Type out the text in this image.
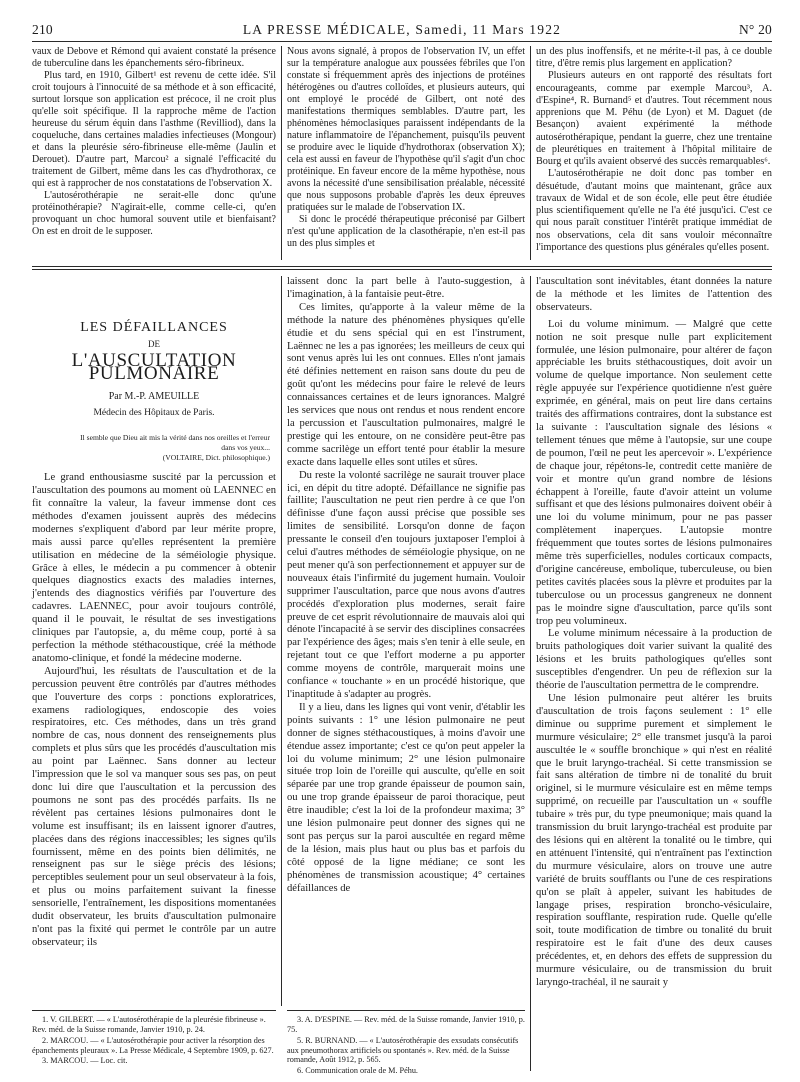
210	LA PRESSE MÉDICALE, Samedi, 11 Mars 1922	N° 20

vaux de Debove et Rémond qui avaient constaté la présence de tuberculine dans les épanchements séro-fibrineux.

Plus tard, en 1910, Gilbert¹ est revenu de cette idée. S'il croit toujours à l'innocuité de sa méthode et à son efficacité, surtout lorsque son application est précoce, il ne croit plus qu'elle soit spécifique. Il la rapproche même de l'action heureuse du sérum équin dans l'asthme (Revilliod), dans la coqueluche, dans certaines maladies infectieuses (Mongour) et dans la pleurésie séro-fibrineuse elle-même (Jaulin et Derouet). D'autre part, Marcou² a signalé l'efficacité du traitement de Gilbert, même dans les cas d'hydrothorax, ce qui est à rapprocher de nos constatations de l'observation X.

L'autosérothérapie ne serait-elle donc qu'une protéinothérapie? N'agirait-elle, comme celle-ci, qu'en provoquant un choc humoral souvent utile et bienfaisant? On est en droit de le supposer.

Nous avons signalé, à propos de l'observation IV, un effet sur la température analogue aux poussées fébriles que l'on constate si fréquemment après des injections de protéines hétérogènes ou d'autres colloïdes, et plusieurs auteurs, qui ont employé le procédé de Gilbert, ont noté des manifestations thermiques semblables. D'autre part, les phénomènes hémoclasiques paraissent indépendants de la nature inflammatoire de l'épanchement, puisqu'ils peuvent se produire avec le liquide d'hydrothorax (observation X); cela est aussi en faveur de l'hypothèse qu'il s'agit d'un choc protéinique. En faveur encore de la même hypothèse, nous avons la nécessité d'une sensibilisation préalable, nécessité que nous supposons probable d'après les deux épreuves pratiquées sur le malade de l'observation IX.

Si donc le procédé thérapeutique préconisé par Gilbert n'est qu'une application de la clasothérapie, n'en est-il pas un des plus simples et

un des plus inoffensifs, et ne mérite-t-il pas, à ce double titre, d'être remis plus largement en application?

Plusieurs auteurs en ont rapporté des résultats fort encourageants, comme par exemple Marcou³, A. d'Espine⁴, R. Burnand⁵ et d'autres. Tout récemment nous apprenions que M. Péhu (de Lyon) et M. Daguet (de Besançon) avaient expérimenté la méthode autosérothérapique, pendant la guerre, chez une trentaine de pleurétiques en traitement à l'hôpital militaire de Bourg et qu'ils avaient observé des succès remarquables⁶.

L'autosérothérapie ne doit donc pas tomber en désuétude, d'autant moins que maintenant, grâce aux travaux de Widal et de son école, elle peut être étudiée plus scientifiquement qu'elle ne l'a été jusqu'ici. C'est ce qui nous paraît constituer l'intérêt pratique immédiat de nos observations, cela dit sans vouloir méconnaître l'importance des questions plus générales qu'elles posent.

LES DÉFAILLANCES
DE
L'AUSCULTATION PULMONAIRE
Par M.-P. AMEUILLE
Médecin des Hôpitaux de Paris.
Il semble que Dieu ait mis la vérité dans nos oreilles et l'erreur dans vos yeux...
(VOLTAIRE, Dict. philosophique.)

Le grand enthousiasme suscité par la percussion et l'auscultation des poumons au moment où LAENNEC en fit connaître la valeur, la faveur immense dont ces méthodes d'examen jouissent auprès des médecins modernes s'expliquent d'abord par leur mérite propre, mais aussi parce qu'elles représentent la première utilisation en médecine de la séméiologie physique. Grâce à elles, le médecin a pu commencer à obtenir quelques diagnostics exacts des maladies internes, j'entends des diagnostics vérifiés par l'ouverture des cadavres. LAENNEC, pour avoir toujours contrôlé, quand il le pouvait, le résultat de ses investigations cliniques par l'autopsie, a, du même coup, porté à sa perfection la méthode stéthacoustique, créé la méthode anatomo-clinique, et fondé la médecine moderne.

Aujourd'hui, les résultats de l'auscultation et de la percussion peuvent être contrôlés par d'autres méthodes que l'ouverture des corps : ponctions exploratrices, examens radiologiques, endoscopie des voies respiratoires, etc. Ces méthodes, dans un très grand nombre de cas, nous donnent des renseignements plus complets et plus sûrs que les procédés d'auscultation mis au point par Laënnec. Sans donner au lecteur l'impression que le sol va manquer sous ses pas, on peut donc lui dire que l'auscultation et la percussion des poumons ne sont pas des procédés parfaits. Ils ne révèlent pas certaines lésions pulmonaires dont le volume est insuffisant; ils en laissent ignorer d'autres, placées dans des régions inaccessibles; les signes qu'ils fournissent, même en des points bien délimités, ne renseignent pas sur le siège précis des lésions; perceptibles seulement pour un seul observateur à la fois, et plus ou moins parfaitement suivant la finesse sensorielle, l'entraînement, les dispositions momentanées dudit observateur, les bruits d'auscultation pulmonaire n'ont pas la fixité qui permet le contrôle par un autre observateur; ils

laissent donc la part belle à l'auto-suggestion, à l'imagination, à la fantaisie peut-être.

Ces limites, qu'apporte à la valeur même de la méthode la nature des phénomènes physiques qu'elle étudie et du sens spécial qui en est l'instrument, Laënnec ne les a pas ignorées; les meilleurs de ceux qui sont venus après lui les ont connues. Elles n'ont jamais été définies nettement en raison sans doute du peu de goût qu'ont les médecins pour faire le relevé de leurs connaissances certaines et de leurs ignorances. Malgré les services que nous ont rendus et nous rendent encore la percussion et l'auscultation pulmonaires, malgré le prestige qui les entoure, on ne considère peut-être pas comme sacrilège un effort tenté pour établir la mesure exacte dans laquelle elles sont utiles et sûres.

Du reste la volonté sacrilège ne saurait trouver place ici, en dépit du titre adopté. Défaillance ne signifie pas faillite; l'auscultation ne peut rien perdre à ce que l'on définisse d'une façon aussi précise que possible ses limites de sensibilité. Lorsqu'on donne de façon pressante le conseil d'en toujours juxtaposer l'emploi à celui d'autres méthodes de séméiologie physique, on ne peut mener qu'à son perfectionnement et appuyer sur de nouveaux étais l'infirmité du jugement humain. Vouloir supprimer l'auscultation, parce que nous avons d'autres procédés d'exploration plus modernes, serait faire preuve de cet esprit révolutionnaire de mauvais aloi qui dénote l'incapacité à se servir des disciplines consacrées par l'expérience des âges; mais s'en tenir à elle seule, en rejetant tout ce que l'effort moderne a pu apporter comme moyens de contrôle, marquerait moins une confiance « touchante » en un procédé historique, que l'inaptitude à s'adapter au progrès.

Il y a lieu, dans les lignes qui vont venir, d'établir les points suivants : 1° une lésion pulmonaire ne peut donner de signes stéthacoustiques, à moins d'avoir une étendue assez importante; c'est ce qu'on peut appeler la loi du volume minimum; 2° une lésion pulmonaire située trop loin de l'oreille qui ausculte, qu'elle en soit séparée par une trop grande épaisseur de poumon sain, ou une trop grande épaisseur de paroi thoracique, peut être inaudible; c'est la loi de la profondeur maxima; 3° une lésion pulmonaire peut donner des signes qui ne sont pas perçus sur la paroi auscultée en regard même de la lésion, mais plus haut ou plus bas et parfois du côté opposé de la ligne médiane; ce sont les phénomènes de transmission acoustique; 4° certaines défaillances de

l'auscultation sont inévitables, étant données la nature de la méthode et les limites de l'attention des observateurs.

Loi du volume minimum. — Malgré que cette notion ne soit presque nulle part explicitement formulée, une lésion pulmonaire, pour altérer de façon appréciable les bruits stéthacoustiques, doit avoir un volume de quelque importance. Non seulement cette règle appuyée sur l'expérience quotidienne n'est guère exprimée, en général, mais on peut lire dans certains traités des affirmations contraires, dont la substance est la suivante : l'auscultation signale des lésions « tellement ténues que même à l'autopsie, sur une coupe de poumon, l'œil ne peut les apercevoir ». L'expérience de chaque jour, répétons-le, contredit cette manière de voir et montre qu'un grand nombre de lésions échappent à l'oreille, faute d'avoir atteint un volume suffisant et que des lésions pulmonaires doivent obéir à une loi du volume minimum, pour ne pas passer complètement inaperçues. L'autopsie montre fréquemment que toutes sortes de lésions pulmonaires même très superficielles, nodules corticaux compacts, d'origine cancéreuse, embolique, tuberculeuse, ou bien petites cavités placées sous la plèvre et produites par la tuberculose ou un processus gangreneux ne donnent pas le moindre signe d'auscultation, parce qu'ils sont trop peu volumineux.

Le volume minimum nécessaire à la production de bruits pathologiques doit varier suivant la qualité des lésions et les bruits pathologiques qu'elles sont susceptibles d'engendrer. Un peu de réflexion sur la théorie de l'auscultation permettra de le comprendre.

Une lésion pulmonaire peut altérer les bruits d'auscultation de trois façons seulement : 1° elle diminue ou supprime purement et simplement le murmure vésiculaire; 2° elle transmet jusqu'à la paroi auscultée le « souffle bronchique » qui n'est en réalité que le bruit laryngo-trachéal. Si cette transmission se fait sans altération de timbre ni de tonalité du bruit originel, si le murmure vésiculaire est en même temps supprimé, on recueille par l'auscultation un « souffle tubaire » très pur, du type pneumonique; mais quand la transmission du bruit laryngo-trachéal est produite par des lésions qui en altèrent la tonalité ou le timbre, qui en atténuent l'intensité, qui n'entraînent pas l'extinction du murmure vésiculaire, alors on trouve une autre variété de bruits soufflants ou l'une de ces respirations qu'on se plaît à appeler, suivant les habitudes de langage prises, respiration broncho-vésiculaire, respiration soufflante, respiration rude. Quelle qu'elle soit, toute modification de timbre ou tonalité du bruit respiratoire est le fait d'une des deux causes précédentes, et, en dehors des effets de suppression du murmure vésiculaire, ou de transmission du bruit laryngo-trachéal, il ne saurait y

1. V. GILBERT. — « L'autosérothérapie de la pleurésie fibrineuse ». Rev. méd. de la Suisse romande, Janvier 1910, p. 24.

2. MARCOU. — « L'autosérothérapie pour activer la résorption des épanchements pleuraux ». La Presse Médicale, 4 Septembre 1909, p. 627.

3. MARCOU. — Loc. cit.

3. A. D'ESPINE. — Rev. méd. de la Suisse romande, Janvier 1910, p. 75.

5. R. BURNAND. — « L'autosérothérapie des exsudats consécutifs aux pneumothorax artificiels ou spontanés ». Rev. méd. de la Suisse romande, Août 1912, p. 565.

6. Communication orale de M. Péhu.
